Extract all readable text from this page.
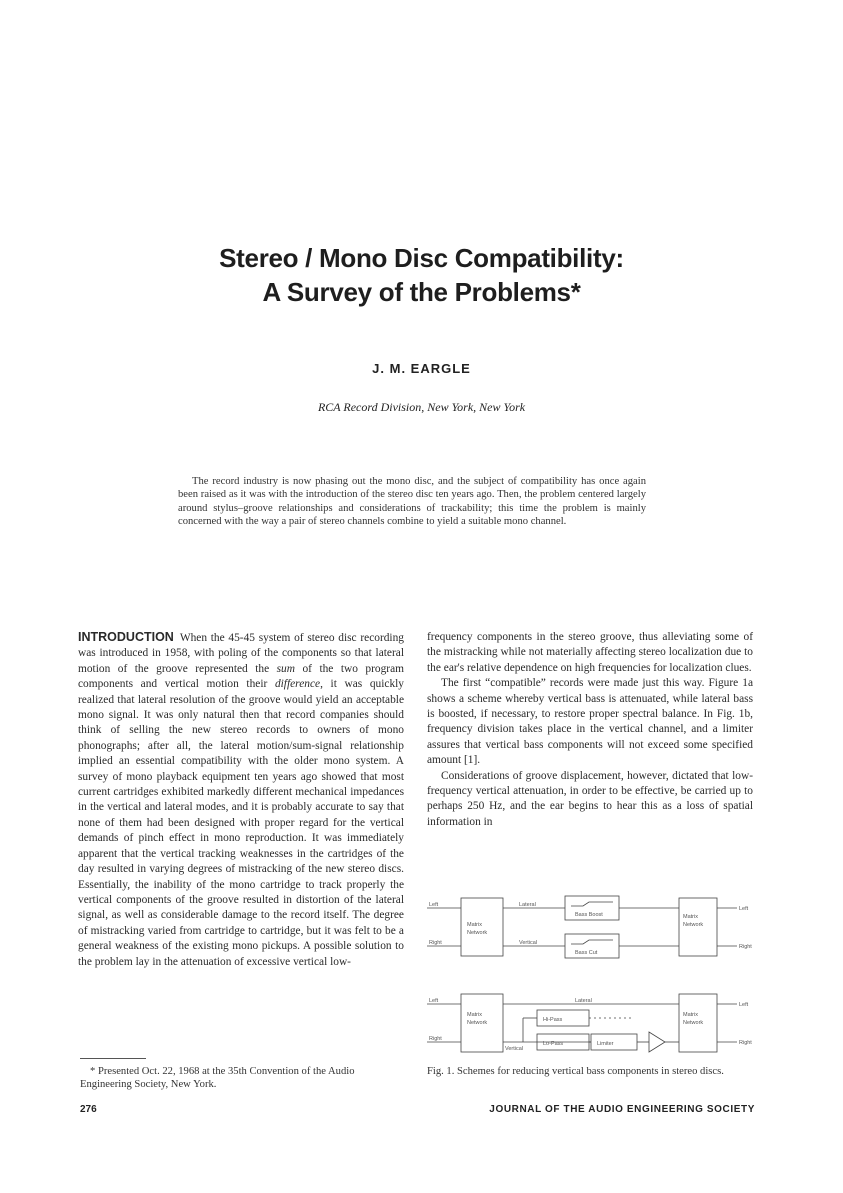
Stereo / Mono Disc Compatibility:
A Survey of the Problems*
J. M. EARGLE
RCA Record Division, New York, New York
The record industry is now phasing out the mono disc, and the subject of compatibility has once again been raised as it was with the introduction of the stereo disc ten years ago. Then, the problem centered largely around stylus–groove relationships and considerations of trackability; this time the problem is mainly concerned with the way a pair of stereo channels combine to yield a suitable mono channel.

INTRODUCTION When the 45-45 system of stereo disc recording was introduced in 1958, with poling of the components so that lateral motion of the groove represented the sum of the two program components and vertical motion their difference, it was quickly realized that lateral resolution of the groove would yield an acceptable mono signal. It was only natural then that record companies should think of selling the new stereo records to owners of mono phonographs; after all, the lateral motion/sum-signal relationship implied an essential compatibility with the older mono system. A survey of mono playback equipment ten years ago showed that most current cartridges exhibited markedly different mechanical impedances in the vertical and lateral modes, and it is probably accurate to say that none of them had been designed with proper regard for the vertical demands of pinch effect in mono reproduction. It was immediately apparent that the vertical tracking weaknesses in the cartridges of the day resulted in varying degrees of mistracking of the new stereo discs. Essentially, the inability of the mono cartridge to track properly the vertical components of the groove resulted in distortion of the lateral signal, as well as considerable damage to the record itself. The degree of mistracking varied from cartridge to cartridge, but it was felt to be a general weakness of the existing mono pickups. A possible solution to the problem lay in the attenuation of excessive vertical low-

frequency components in the stereo groove, thus alleviating some of the mistracking while not materially affecting stereo localization due to the ear's relative dependence on high frequencies for localization clues.

The first “compatible” records were made just this way. Figure 1a shows a scheme whereby vertical bass is attenuated, while lateral bass is boosted, if necessary, to restore proper spectral balance. In Fig. 1b, frequency division takes place in the vertical channel, and a limiter assures that vertical bass components will not exceed some specified amount [1].

Considerations of groove displacement, however, dictated that low-frequency vertical attenuation, in order to be effective, be carried up to perhaps 250 Hz, and the ear begins to hear this as a loss of spatial information in

Left
Right
Matrix
Network
Lateral
Vertical
Bass Boost
Bass Cut
Matrix
Network
Left
Right
Left
Right
Matrix
Network
Lateral
Hi-Pass
Lo-Pass
Vertical
Limiter
Matrix
Network
Left
Right
* Presented Oct. 22, 1968 at the 35th Convention of the Audio Engineering Society, New York.
Fig. 1. Schemes for reducing vertical bass components in stereo discs.
276	JOURNAL OF THE AUDIO ENGINEERING SOCIETY
